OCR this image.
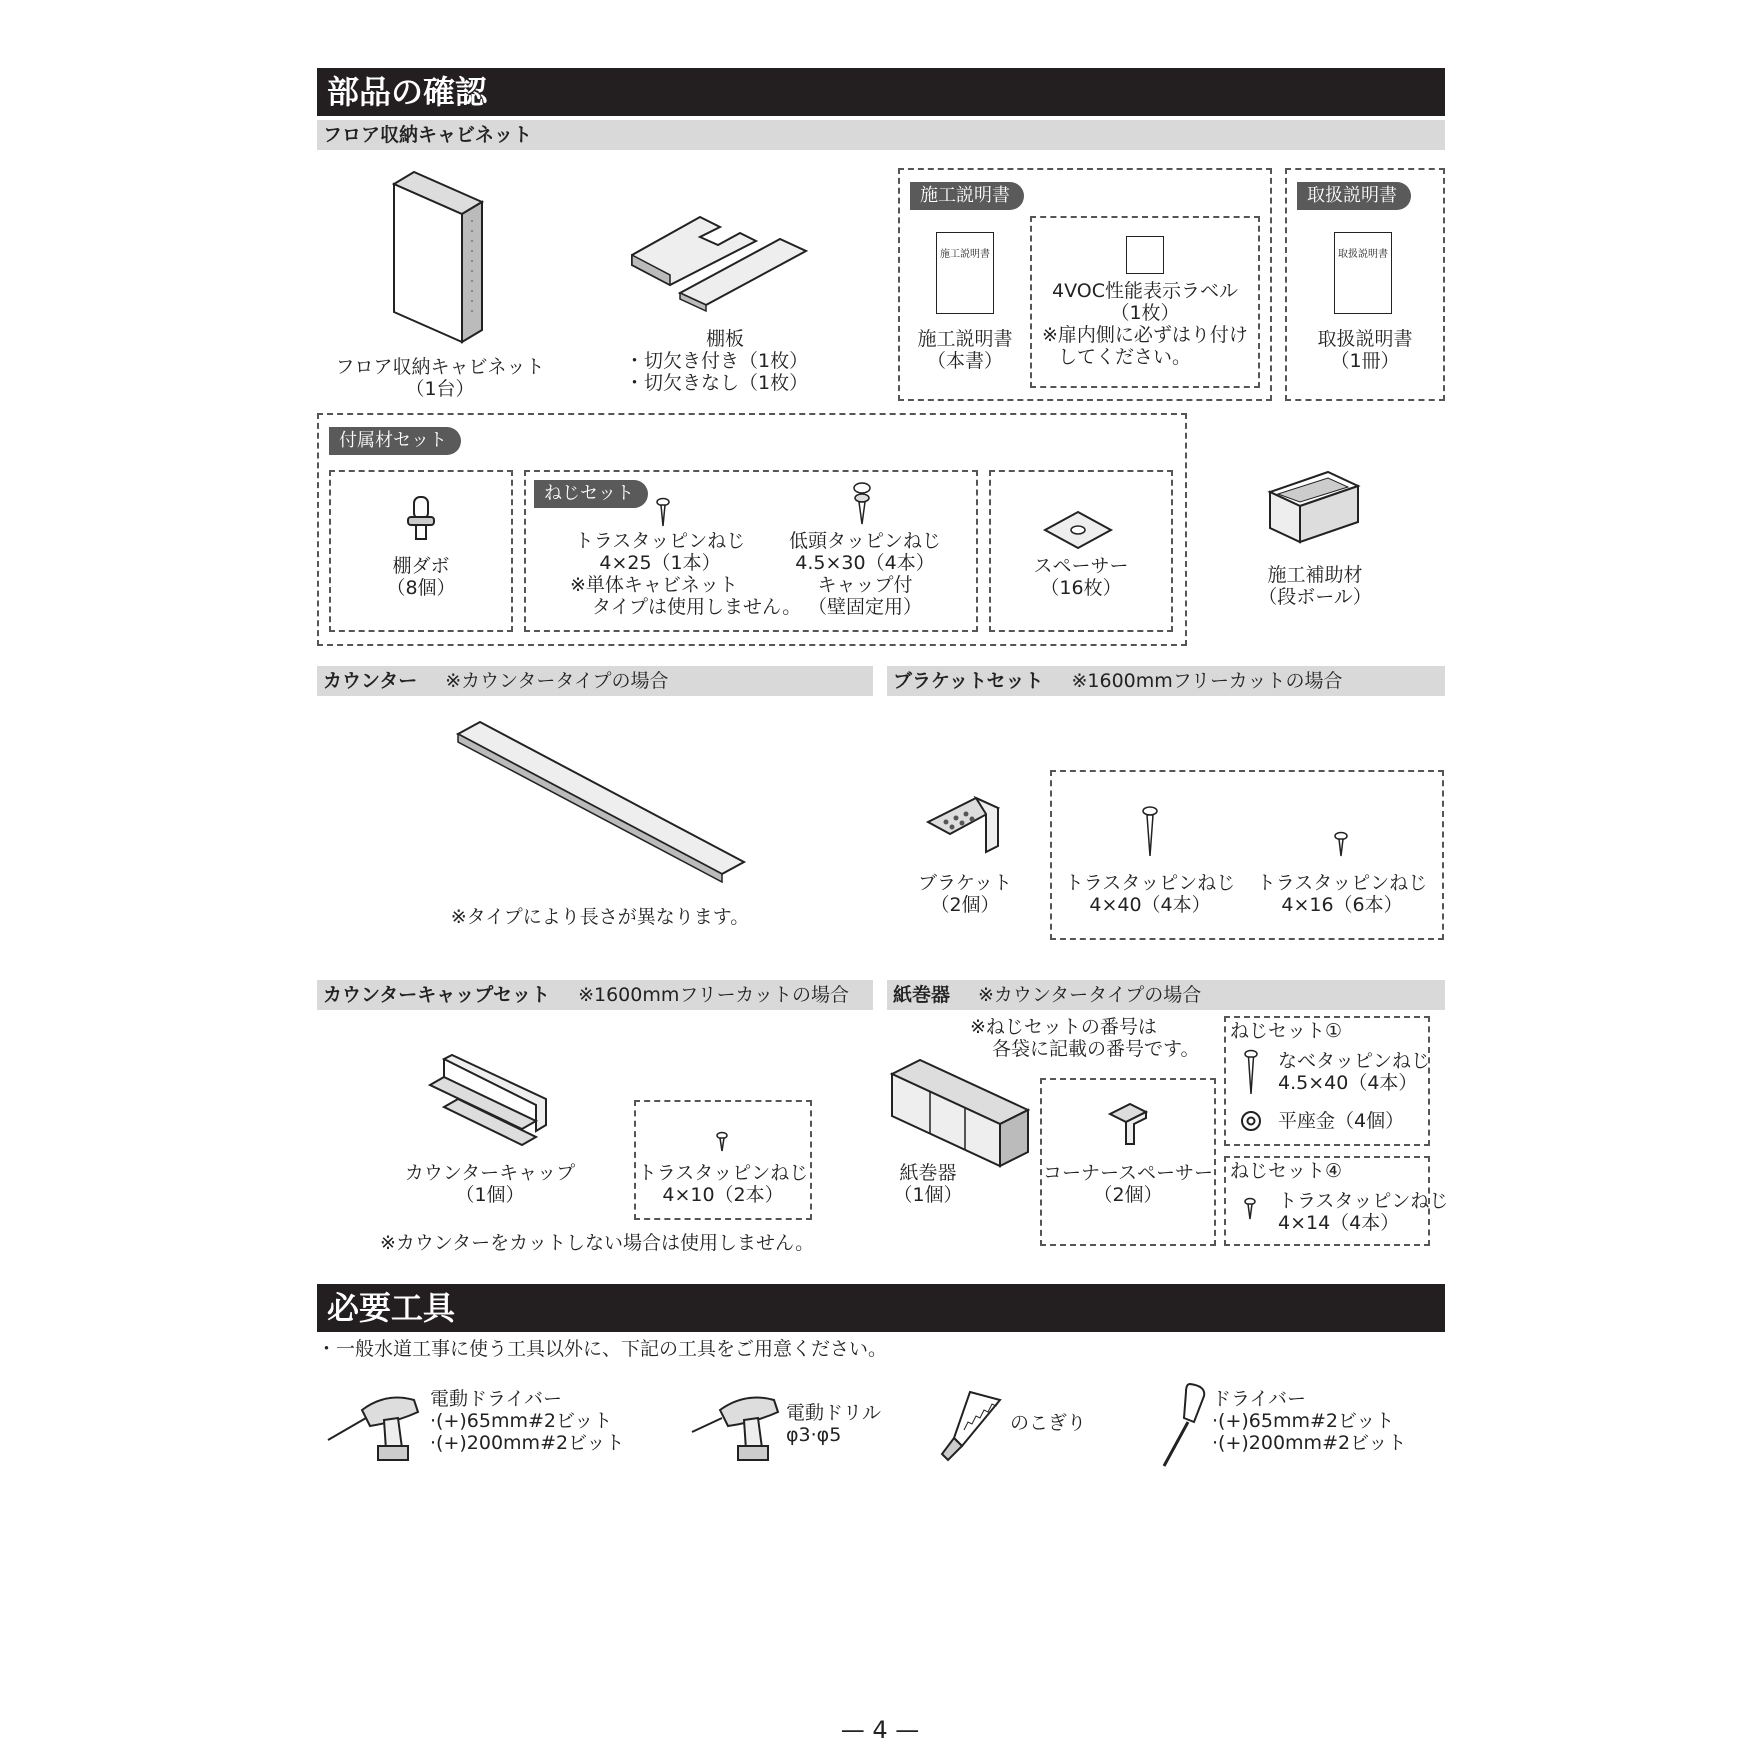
部品の確認
フロア収納キャビネット
フロア収納キャビネット
（1台）
棚板
・切欠き付き（1枚）
・切欠きなし（1枚）
施工説明書
施工説明書
施工説明書
（本書）
4VOC性能表示ラベル
（1枚）
※扉内側に必ずはり付け
してください。
取扱説明書
取扱説明書
取扱説明書
（1冊）
付属材セット
棚ダボ
（8個）
ねじセット
トラスタッピンねじ
4×25（1本）
※単体キャビネット
タイプは使用しません。
低頭タッピンねじ
4.5×30（4本）
キャップ付
（壁固定用）
スペーサー
（16枚）
施工補助材
（段ボール）
カウンター ※カウンタータイプの場合	ブラケットセット ※1600mmフリーカットの場合
※タイプにより長さが異なります。
ブラケット
（2個）
トラスタッピンねじ
4×40（4本）
トラスタッピンねじ
4×16（6本）
カウンターキャップセット ※1600mmフリーカットの場合	紙巻器 ※カウンタータイプの場合
カウンターキャップ
（1個）
トラスタッピンねじ
4×10（2本）
※カウンターをカットしない場合は使用しません。
※ねじセットの番号は
各袋に記載の番号です。
紙巻器
（1個）
コーナースペーサー
（2個）
ねじセット①
なべタッピンねじ
4.5×40（4本）
平座金（4個）
ねじセット④
トラスタッピンねじ
4×14（4本）
必要工具
・一般水道工事に使う工具以外に、下記の工具をご用意ください。
電動ドライバー
·(+)65mm#2ビット
·(+)200mm#2ビット
電動ドリル
φ3·φ5
のこぎり
ドライバー
·(+)65mm#2ビット
·(+)200mm#2ビット
— 4 —
